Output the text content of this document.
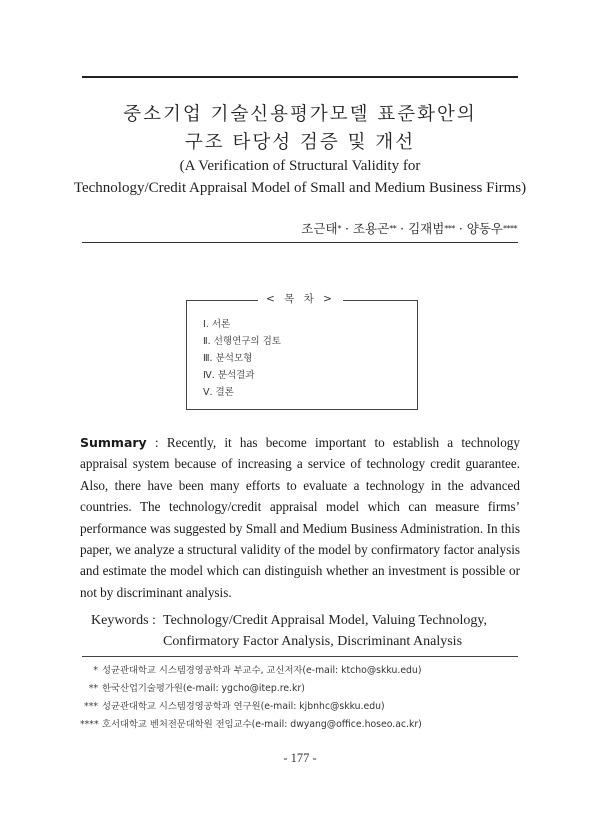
중소기업 기술신용평가모델 표준화안의
구조 타당성 검증 및 개선
(A Verification of Structural Validity for
Technology/Credit Appraisal Model of Small and Medium Business Firms)
조근태* · 조용곤** · 김재범*** · 양동우****
< 목 차 >
Ⅰ. 서론
Ⅱ. 선행연구의 검토
Ⅲ. 분석모형
Ⅳ. 분석결과
Ⅴ. 결론
Summary : Recently, it has become important to establish a technology appraisal system because of increasing a service of technology credit guarantee. Also, there have been many efforts to evaluate a technology in the advanced countries. The technology/credit appraisal model which can measure firms’ performance was suggested by Small and Medium Business Administration. In this paper, we analyze a structural validity of the model by confirmatory factor analysis and estimate the model which can distinguish whether an investment is possible or not by discriminant analysis.
Keywords : Technology/Credit Appraisal Model, Valuing Technology,
Confirmatory Factor Analysis, Discriminant Analysis
* 성균관대학교 시스템경영공학과 부교수, 교신저자(e-mail: ktcho@skku.edu)
** 한국산업기술평가원(e-mail: ygcho@itep.re.kr)
*** 성균관대학교 시스템경영공학과 연구원(e-mail: kjbnhc@skku.edu)
**** 호서대학교 벤처전문대학원 전임교수(e-mail: dwyang@office.hoseo.ac.kr)
- 177 -
